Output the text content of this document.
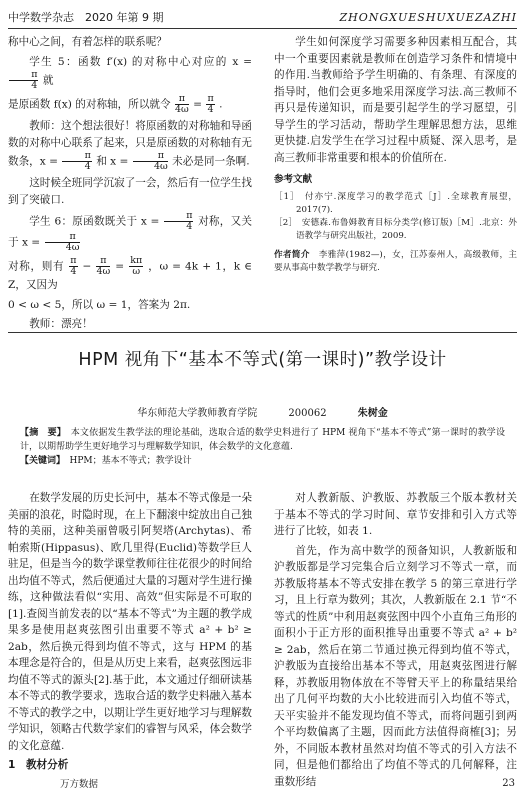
中学数学杂志　2020 年第 9 期	ZHONGXUESHUXUEZAZHI

称中心之间，有着怎样的联系呢？

学生 5：函数 f′(x) 的对称中心对应的 x =
$\frac{\pi}{4}$ 就

是原函数 f(x) 的对称轴，所以就令 $\frac{\pi}{4\omega} = \frac{\pi}{4}$ .

教师：这个想法很好！将原函数的对称轴和导函数的对称中心联系了起来，只是原函数的对称轴有无数条，$x = \frac{\pi}{4}$ 和 $x = \frac{\pi}{4\omega}$ 未必是同一条啊.

这时候全班同学沉寂了一会，然后有一位学生找到了突破口.

学生 6：原函数既关于 $x = \frac{\pi}{4}$ 对称，又关于 $x = \frac{\pi}{4\omega}$

对称，则有 $\frac{\pi}{4} - \frac{\pi}{4\omega} = \frac{k\pi}{\omega}$ ，ω = 4k + 1，k ∈ Z，又因为

0 < ω < 5，所以 ω = 1，答案为 2π.

教师：漂亮！

学生如何深度学习需要多种因素相互配合，其中一个重要因素就是教师在创造学习条件和情境中的作用.当教师给予学生明确的、有条理、有深度的指导时，他们会更多地采用深度学习法.高三教师不再只是传递知识，而是要引起学生的学习愿望，引导学生的学习活动，帮助学生理解思想方法，思维更快捷.启发学生在学习过程中质疑、深入思考，是高三教师非常重要和根本的价值所在.

参考文献
［1］　付亦宁.深度学习的教学范式［J］.全球教育展望，2017(7).
［2］　安德森.布鲁姆教育目标分类学(修订版)［M］.北京：外语教学与研究出版社，2009.
作者简介　李雅萍(1982—)，女，江苏泰州人，高级教师，主要从事高中数学教学与研究.
HPM 视角下“基本不等式(第一课时)”教学设计
华东师范大学教师教育学院	200062	朱树金

【摘　要】　 本文依据发生教学法的理论基础，选取合适的数学史料进行了 HPM 视角下“基本不等式”第一课时的教学设计，以期帮助学生更好地学习与理解数学知识，体会数学的文化意蕴.

【关键词】　 HPM；基本不等式；教学设计

在数学发展的历史长河中，基本不等式像是一朵美丽的浪花，时隐时现，在上下翻滚中绽放出自己独特的美丽，这种美丽曾吸引阿契塔(Archytas)、希帕索斯(Hippasus)、欧几里得(Euclid)等数学巨人驻足，但是当今的数学课堂教师往往花很少的时间给出均值不等式，然后便通过大量的习题对学生进行操练，这种做法看似“实用、高效”但实际是不可取的[1].查阅当前发表的以“基本不等式”为主题的教学成果多是使用赵爽弦图引出重要不等式 a² + b² ≥ 2ab，然后换元得到均值不等式，这与 HPM 的基本理念是符合的，但是从历史上来看，赵爽弦图远非均值不等式的源头[2].基于此，本文通过仔细研读基本不等式的教学要求，选取合适的数学史料融入基本不等式的教学之中，以期让学生更好地学习与理解数学知识，领略古代数学家们的睿智与风采，体会数学的文化意蕴.

1　教材分析

对人教新版、沪教版、苏教版三个版本教材关于基本不等式的学习时间、章节安排和引入方式等进行了比较，如表 1.

首先，作为高中数学的预备知识，人教新版和沪教版都是学习完集合后立刻学习不等式一章，而苏教版将基本不等式安排在教学 5 的第三章进行学习，且上行章为数列；其次，人教新版在 2.1 节“不等式的性质”中利用赵爽弦图中四个小直角三角形的面积小于正方形的面积推导出重要不等式 a² + b² ≥ 2ab，然后在第二节通过换元得到均值不等式，沪教版为直接给出基本不等式，用赵爽弦图进行解释，苏教版用物体放在不等臂天平上的称量结果给出了几何平均数的大小比较进而引入均值不等式，天平实验并不能发现均值不等式，而将问题引到两个平均数偏离了主题，因而此方法值得商榷[3]；另外，不同版本教材虽然对均值不等式的引入方法不同，但是他们都给出了均值不等式的几何解释，注重数形结

万方数据	23
